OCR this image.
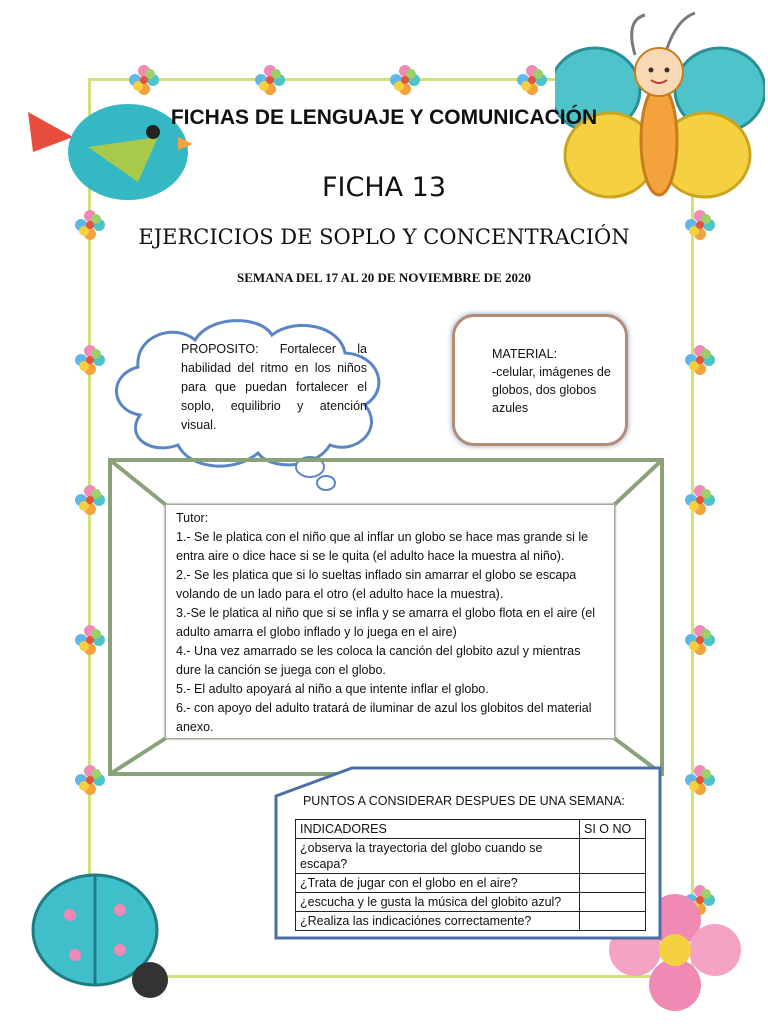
FICHAS DE LENGUAJE Y COMUNICACIÓN
FICHA 13
EJERCICIOS DE SOPLO Y CONCENTRACIÓN
SEMANA DEL 17 AL 20 DE NOVIEMBRE DE 2020
PROPOSITO: Fortalecer la habilidad del ritmo en los niños para que puedan fortalecer el soplo, equilibrio y atención visual.
MATERIAL:
-celular, imágenes de globos, dos globos azules
Tutor:
1.- Se le platica con el niño que al inflar un globo se hace mas grande si le entra aire o dice hace si se le quita (el adulto hace la muestra al niño).
2.- Se les platica que si lo sueltas inflado sin amarrar el globo se escapa volando de un lado para el otro (el adulto hace la muestra).
3.-Se le platica al niño que si se infla y se amarra el globo flota en el aire (el adulto amarra el globo inflado y lo juega en el aire)
4.- Una vez amarrado se les coloca la canción del globito azul y mientras dure la canción se juega con el globo.
5.- El adulto apoyará al niño a que intente inflar el globo.
6.- con apoyo del adulto tratará de iluminar de azul los globitos del material anexo.
PUNTOS A CONSIDERAR DESPUES DE UNA SEMANA:
INDICADORES	SI O NO
¿observa la trayectoria del globo cuando se escapa?	
¿Trata de jugar con el globo en el aire?	
¿escucha y le gusta la música del globito azul?	
¿Realiza las indicaciónes correctamente?	
